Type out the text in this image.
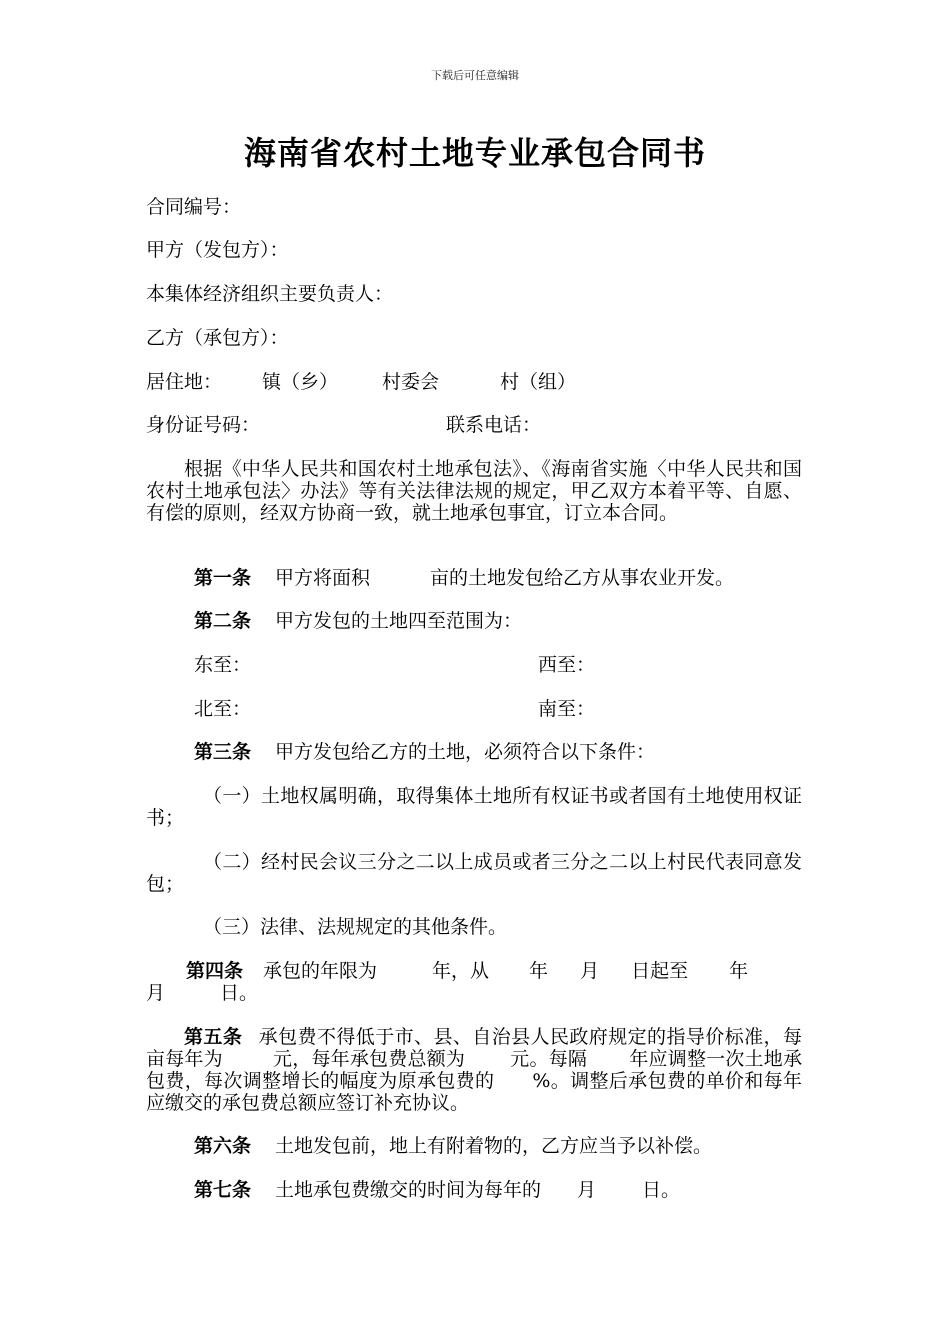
下载后可任意编辑
海南省农村土地专业承包合同书
合同编号：
甲方（发包方）：
本集体经济组织主要负责人：
乙方（承包方）：
居住地： 镇（乡） 村委会	村（组）
身份证号码：	联系电话：
根据《中华人民共和国农村土地承包法》、《海南省实施〈中华人民共和国农村土地承包法〉办法》等有关法律法规的规定，甲乙双方本着平等、自愿、有偿的原则，经双方协商一致，就土地承包事宜，订立本合同。
第一条 甲方将面积	亩的土地发包给乙方从事农业开发。
第二条 甲方发包的土地四至范围为：
东至：	西至：
北至：	南至：
第三条 甲方发包给乙方的土地，必须符合以下条件：
（一）土地权属明确，取得集体土地所有权证书或者国有土地使用权证书；
（二）经村民会议三分之二以上成员或者三分之二以上村民代表同意发包；
（三）法律、法规规定的其他条件。
第四条 承包的年限为	年，从 年 月 日起至 年
月	日。
第五条 承包费不得低于市、县、自治县人民政府规定的指导价标准，每亩每年为	元，每年承包费总额为 元。每隔 年应调整一次土地承包费，每次调整增长的幅度为原承包费的 %。调整后承包费的单价和每年应缴交的承包费总额应签订补充协议。
第六条 土地发包前，地上有附着物的，乙方应当予以补偿。
第七条 土地承包费缴交的时间为每年的 月 日。
